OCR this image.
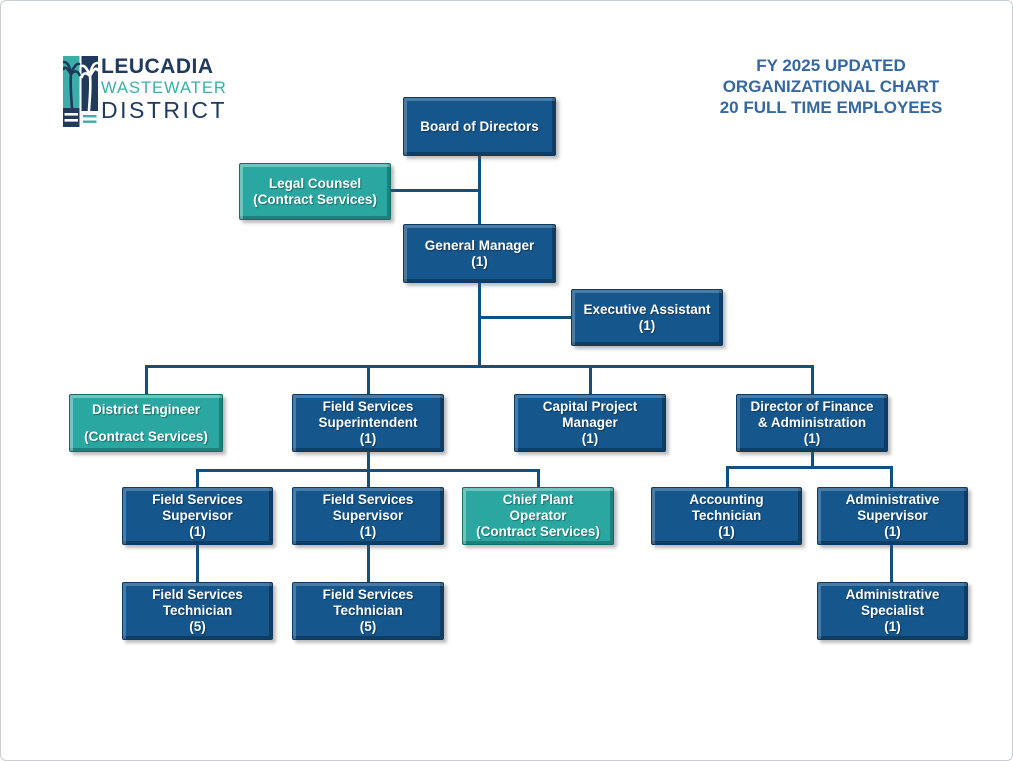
LEUCADIA
WASTEWATER
DISTRICT
FY 2025 UPDATED
ORGANIZATIONAL CHART
20 FULL TIME EMPLOYEES
Board of Directors
Legal Counsel
(Contract Services)
General Manager
(1)
Executive Assistant
(1)
District Engineer
(Contract Services)
Field Services
Superintendent
(1)
Capital Project
Manager
(1)
Director of Finance
& Administration
(1)
Field Services
Supervisor
(1)
Field Services
Supervisor
(1)
Chief Plant
Operator
(Contract Services)
Accounting
Technician
(1)
Administrative
Supervisor
(1)
Field Services
Technician
(5)
Field Services
Technician
(5)
Administrative
Specialist
(1)
